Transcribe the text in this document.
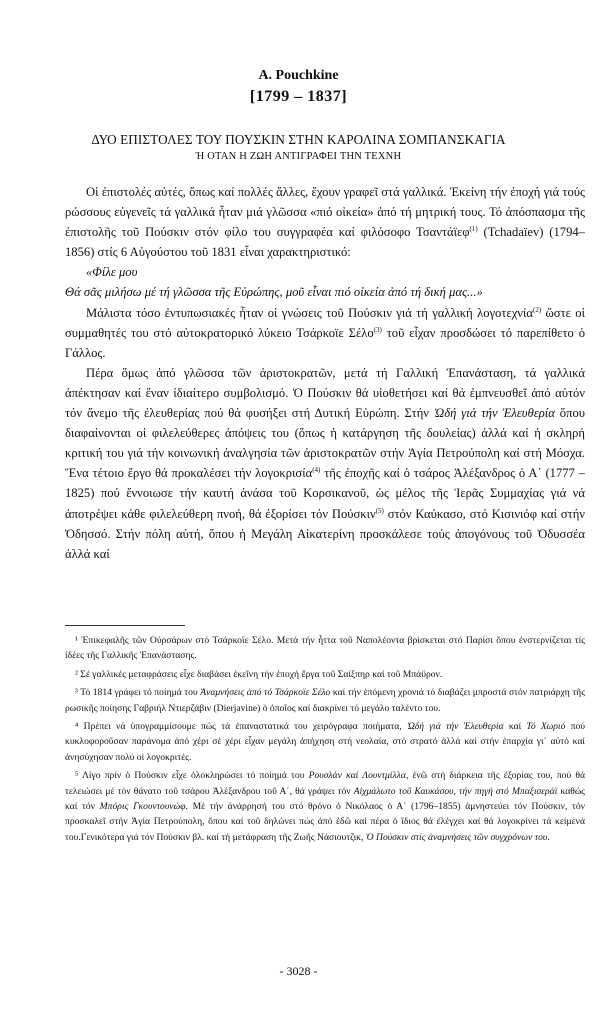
A. Pouchkine
[1799 – 1837]
ΔΥΟ ΕΠΙΣΤΟΛΕΣ ΤΟΥ ΠΟΥΣΚΙΝ ΣΤΗΝ ΚΑΡΟΛΙΝΑ ΣΟΜΠΑΝΣΚΑΓΙΑ
Ή ΟΤΑΝ Η ΖΩΗ ΑΝΤΙΓΡΑΦΕΙ ΤΗΝ ΤΕΧΝΗ

Οἱ ἐπιστολές αὐτές, ὅπως καί πολλές ἄλλες, ἔχουν γραφεῖ στά γαλλικά. Ἐκείνη τήν ἐποχή γιά τούς ρώσσους εὐγενεῖς τά γαλλικά ἦταν μιά γλῶσσα «πιό οἰκεία» ἀπό τή μητρική τους. Τό ἀπόσπασμα τῆς ἐπιστολῆς τοῦ Πούσκιν στόν φίλο του συγγραφέα καί φιλόσοφο Τσαντάϊεφ$^{(1)}$ (Tchadaïev) (1794–1856) στίς 6 Αὐγούστου τοῦ 1831 εἶναι χαρακτηριστικό:

«Φίλε μου

Θά σᾶς μιλήσω μέ τή γλῶσσα τῆς Εὐρώπης, μοῦ εἶναι πιό οἰκεία ἀπό τή δική μας...»

Μάλιστα τόσο ἐντυπωσιακές ἦταν οἱ γνώσεις τοῦ Πούσκιν γιά τή γαλλική λογοτεχνία$^{(2)}$ ὥστε οἱ συμμαθητές του στό αὐτοκρατορικό λύκειο Τσάρκοϊε Σέλο$^{(3)}$ τοῦ εἶχαν προσδώσει τό παρεπίθετο ὁ Γάλλος.

Πέρα ὅμως ἀπό γλῶσσα τῶν ἀριστοκρατῶν, μετά τή Γαλλική Ἐπανάσταση, τά γαλλικά ἀπέκτησαν καί ἕναν ἰδιαίτερο συμβολισμό. Ὁ Πούσκιν θά υἱοθετήσει καί θά ἐμπνευσθεῖ ἀπό αὐτόν τόν ἄνεμο τῆς ἐλευθερίας πού θά φυσήξει στή Δυτική Εὐρώπη. Στήν Ὠδή γιά τήν Ἐλευθερία ὅπου διαφαίνονται οἱ φιλελεύθερες ἀπόψεις του (ὅπως ἡ κατάργηση τῆς δουλείας) ἀλλά καί ἡ σκληρή κριτική του γιά τήν κοινωνική ἀναλγησία τῶν ἀριστοκρατῶν στήν Ἁγία Πετρούπολη καί στή Μόσχα. Ἕνα τέτοιο ἔργο θά προκαλέσει τήν λογοκρισία$^{(4)}$ τῆς ἐποχῆς καί ὁ τσάρος Ἀλέξανδρος ὁ Α΄ (1777 – 1825) πού ἔννοιωσε τήν καυτή ἀνάσα τοῦ Κορσικανοῦ, ὡς μέλος τῆς Ἱερᾶς Συμμαχίας γιά νά ἀποτρέψει κάθε φιλελεύθερη πνοή, θά ἐξορίσει τόν Πούσκιν$^{(5)}$ στόν Καύκασο, στό Κισινιόφ καί στήν Ὀδησσό. Στήν πόλη αὐτή, ὅπου ἡ Μεγάλη Αἰκατερίνη προσκάλεσε τούς ἀπογόνους τοῦ Ὀδυσσέα ἀλλά καί

¹ Ἐπικεφαλῆς τῶν Οὐρσάρων στό Τσάρκοϊε Σέλο. Μετά τήν ἧττα τοῦ Ναπολέοντα βρίσκεται στό Παρίσι ὅπου ἐνστερνίζεται τίς ἰδέες τῆς Γαλλικῆς Ἐπανάστασης.

² Σέ γαλλικές μεταφράσεις εἶχε διαβάσει ἐκεῖνη τήν ἐποχή ἔργα τοῦ Σαίξπηρ καί τοῦ Μπάϋρον.

³ Τό 1814 γράφει τό ποίημά του Ἀναμνήσεις ἀπό τό Τσάρκοϊε Σέλο καί τήν ἑπόμενη χρονιά τό διαβάζει μπροστά στόν πατριάρχη τῆς ρωσικῆς ποίησης Γαβριήλ Ντιερζάβιν (Dierjavine) ὁ ὁποῖος καί διακρίνει τό μεγάλο ταλέντο του.

⁴ Πρέπει νά ὑπογραμμίσουμε πώς τά ἐπαναστατικά του χειρόγραφα ποιήματα, Ὠδή γιά τήν Ἐλευθερία καί Τό Χωριό πού κυκλοφοροῦσαν παράνομα ἀπό χέρι σέ χέρι εἶχαν μεγάλη ἀπήχηση στή νεολαία, στό στρατό ἀλλά καί στήν ἐπαρχία γι᾽ αὐτό καί ἀνησύχησαν πολύ οἱ λογοκριτές.

⁵ Λίγο πρίν ὁ Πούσκιν εἶχε ὁλοκληρώσει τό ποίημά του Ρουσλάν καί Λουντμίλλα, ἐνῶ στή διάρκεια τῆς ἐξορίας του, πού θά τελειώσει μέ τόν θάνατο τοῦ τσάρου Ἀλέξανδρου τοῦ Α΄, θά γράψει τόν Αἰχμάλωτο τοῦ Καυκάσου, τήν πηγή στό Μπαξισεράϊ καθώς καί τόν Μπόρις Γκουντουνώφ. Μέ τήν ἀνάρρησή του στό θρόνο ὁ Νικόλαος ὁ Α΄ (1796–1855) ἀμνηστεύει τόν Πούσκιν, τόν προσκαλεῖ στήν Ἁγία Πετρούπολη, ὅπου καί τοῦ δηλώνει πώς ἀπό ἐδῶ καί πέρα ὁ ἴδιος θά ἐλέγχει καί θά λογοκρίνει τά κείμενά του.Γενικότερα γιά τόν Πούσκιν βλ. καί τή μετάφραση τῆς Ζωῆς Νάσιουτζικ, Ὁ Πούσκιν στίς ἀναμνήσεις τῶν συγχρόνων του.

- 3028 -
